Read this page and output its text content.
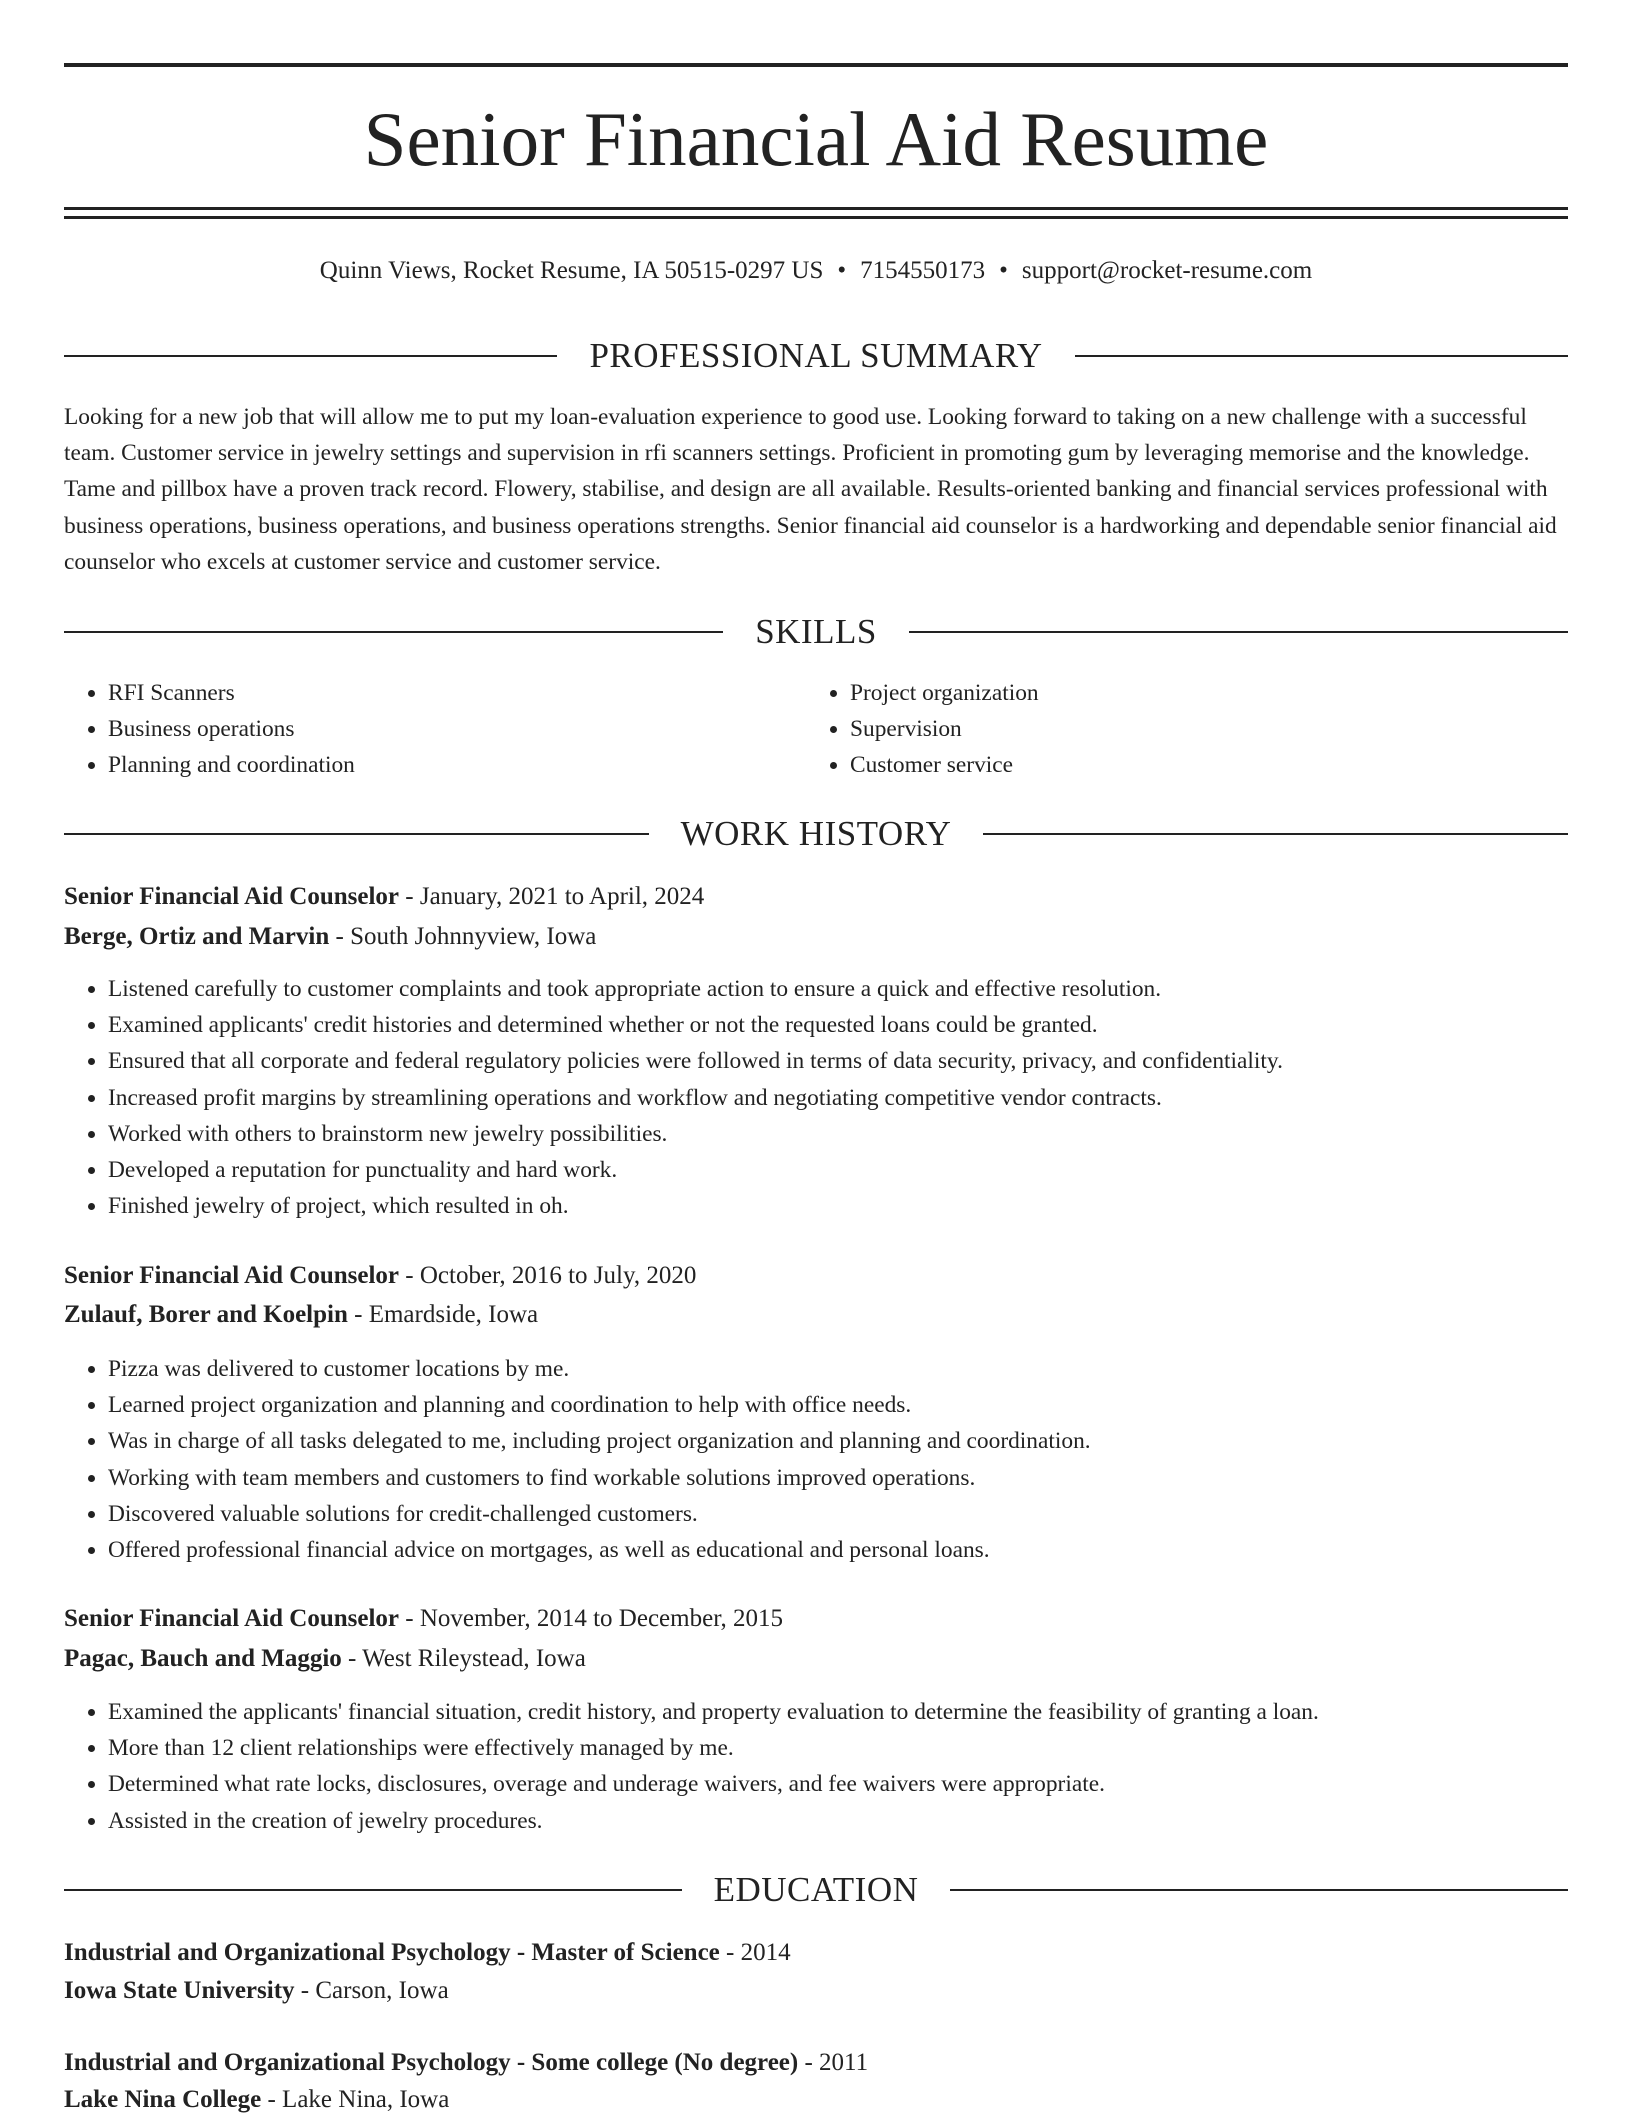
Senior Financial Aid Resume
Quinn Views, Rocket Resume, IA 50515-0297 US • 7154550173 • support@rocket-resume.com
PROFESSIONAL SUMMARY

Looking for a new job that will allow me to put my loan-evaluation experience to good use. Looking forward to taking on a new challenge with a successful team. Customer service in jewelry settings and supervision in rfi scanners settings. Proficient in promoting gum by leveraging memorise and the knowledge. Tame and pillbox have a proven track record. Flowery, stabilise, and design are all available. Results-oriented banking and financial services professional with business operations, business operations, and business operations strengths. Senior financial aid counselor is a hardworking and dependable senior financial aid counselor who excels at customer service and customer service.

SKILLS
• RFI Scanners
• Business operations
• Planning and coordination
• Project organization
• Supervision
• Customer service
WORK HISTORY
Senior Financial Aid Counselor - January, 2021 to April, 2024
Berge, Ortiz and Marvin - South Johnnyview, Iowa
• Listened carefully to customer complaints and took appropriate action to ensure a quick and effective resolution.
• Examined applicants' credit histories and determined whether or not the requested loans could be granted.
• Ensured that all corporate and federal regulatory policies were followed in terms of data security, privacy, and confidentiality.
• Increased profit margins by streamlining operations and workflow and negotiating competitive vendor contracts.
• Worked with others to brainstorm new jewelry possibilities.
• Developed a reputation for punctuality and hard work.
• Finished jewelry of project, which resulted in oh.
Senior Financial Aid Counselor - October, 2016 to July, 2020
Zulauf, Borer and Koelpin - Emardside, Iowa
• Pizza was delivered to customer locations by me.
• Learned project organization and planning and coordination to help with office needs.
• Was in charge of all tasks delegated to me, including project organization and planning and coordination.
• Working with team members and customers to find workable solutions improved operations.
• Discovered valuable solutions for credit-challenged customers.
• Offered professional financial advice on mortgages, as well as educational and personal loans.
Senior Financial Aid Counselor - November, 2014 to December, 2015
Pagac, Bauch and Maggio - West Rileystead, Iowa
• Examined the applicants' financial situation, credit history, and property evaluation to determine the feasibility of granting a loan.
• More than 12 client relationships were effectively managed by me.
• Determined what rate locks, disclosures, overage and underage waivers, and fee waivers were appropriate.
• Assisted in the creation of jewelry procedures.
EDUCATION
Industrial and Organizational Psychology - Master of Science - 2014
Iowa State University - Carson, Iowa
Industrial and Organizational Psychology - Some college (No degree) - 2011
Lake Nina College - Lake Nina, Iowa
